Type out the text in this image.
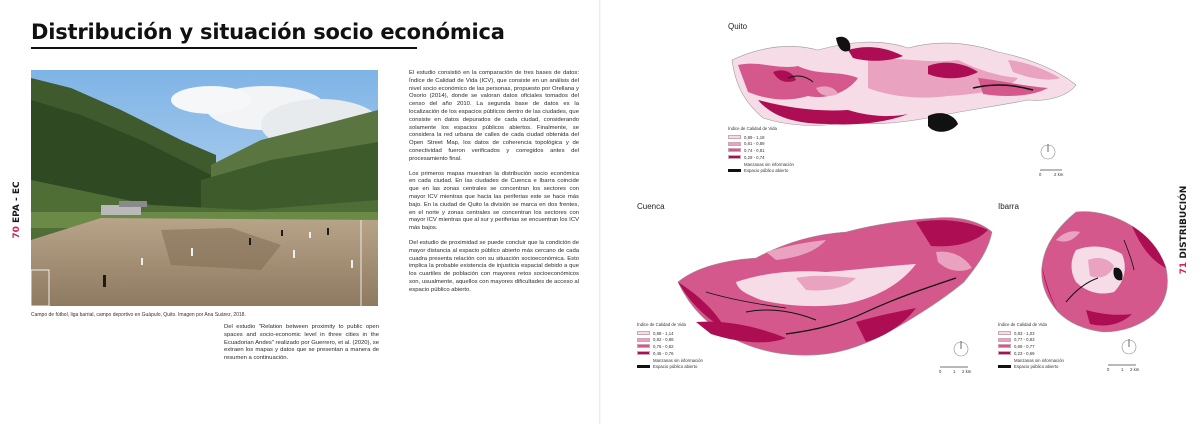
Distribución y situación socio económica
70 EPA - EC
Campo de fútbol, liga barrial, campo deportivo en Guápulo, Quito. Imagen por Ana Suárez, 2018.
Del estudio "Relation between proximity to public open spaces and socio-economic level in three cities in the Ecuadorian Andes" realizado por Guerrero, et al. (2020), se extraen los mapas y datos que se presentan a manera de resumen a continuación.

El estudio consistió en la comparación de tres bases de datos: Índice de Calidad de Vida (ICV), que consiste en un análisis del nivel socio económico de las personas, propuesto por Orellana y Osorio (2014), donde se valoran datos oficiales tomados del censo del año 2010. La segunda base de datos es la localización de los espacios públicos dentro de las ciudades, que consiste en datos depurados de cada ciudad, considerando solamente los espacios públicos abiertos. Finalmente, se considera la red urbana de calles de cada ciudad obtenida del Open Street Map, los datos de coherencia topológica y de conectividad fueron verificados y corregidos antes del procesamiento final.

Los primeros mapas muestran la distribución socio económica en cada ciudad. En las ciudades de Cuenca e Ibarra coincide que en las zonas centrales se concentran los sectores con mayor ICV mientras que hacia las periferias este se hace más bajo. En la ciudad de Quito la división se marca en dos frentes, en el norte y zonas centrales se concentran los sectores con mayor ICV mientras que al sur y periferias se encuentran los ICV más bajos.

Del estudio de proximidad se puede concluir que la condición de mayor distancia al espacio público abierto más cercano de cada cuadra presenta relación con su situación socioeconómica. Esto implica la probable existencia de injusticia espacial debido a que los cuartiles de población con mayores retos socioeconómicos son, usualmente, aquellos con mayores dificultades de acceso al espacio público abierto.

71 DISTRIBUCIÓN
Quito
Índice de Calidad de Vida
0,89 - 1,18
0,81 - 0,89
0,74 - 0,81
0,29 - 0,74
Manzanas sin información
Espacio público abierto
0	2 km
Cuenca
Índice de Calidad de Vida
0,88 - 1,14
0,82 - 0,88
0,76 - 0,82
0,45 - 0,76
Manzanas sin información
Espacio público abierto
0	1 2 km
Ibarra
Índice de Calidad de Vida
0,83 - 1,03
0,77 - 0,83
0,69 - 0,77
0,23 - 0,69
Manzanas sin información
Espacio público abierto
0	1 2 km
